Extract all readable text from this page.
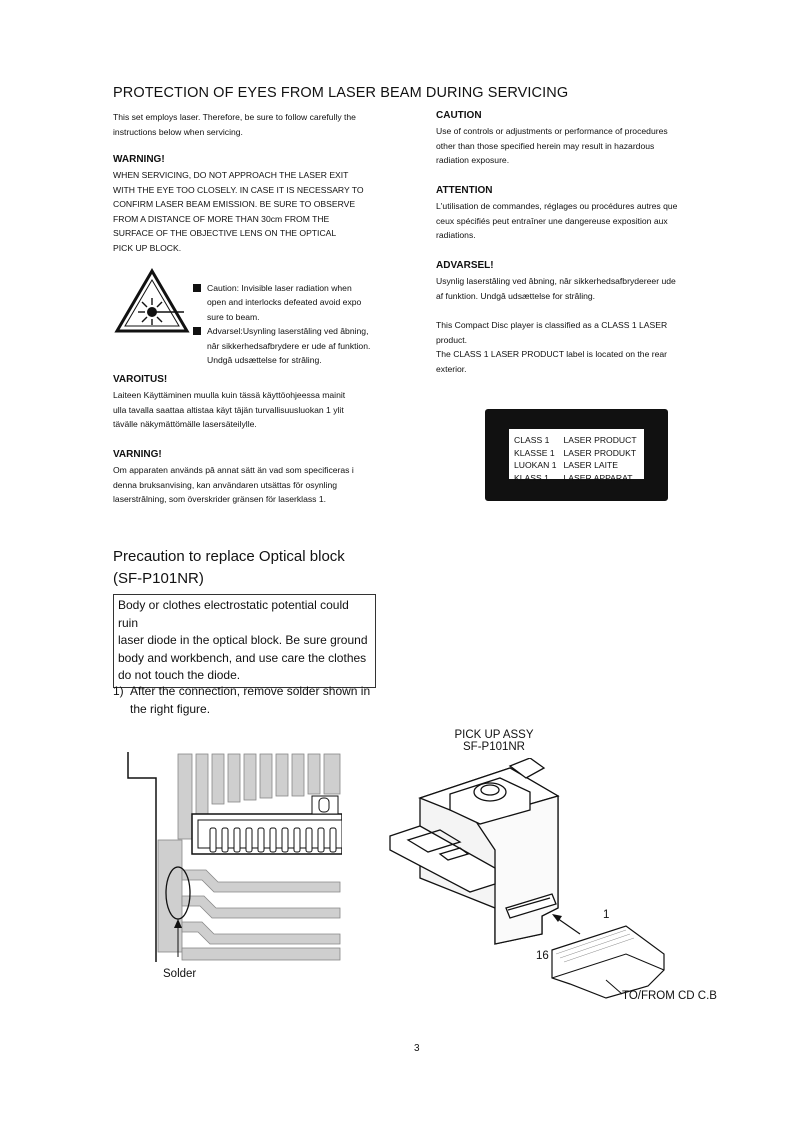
PROTECTION OF EYES FROM LASER BEAM DURING SERVICING
This set employs laser. Therefore, be sure to follow carefully the
instructions below when servicing.
WARNING!
WHEN SERVICING, DO NOT APPROACH THE LASER EXIT
WITH THE EYE TOO CLOSELY. IN CASE IT IS NECESSARY TO
CONFIRM LASER BEAM EMISSION. BE SURE TO OBSERVE
FROM A DISTANCE OF MORE THAN 30cm FROM THE
SURFACE OF THE OBJECTIVE LENS ON THE OPTICAL
PICK UP BLOCK.
Caution: Invisible laser radiation when
open and interlocks defeated avoid expo
sure to beam.
Advarsel:Usynling laserstâling ved âbning,
nâr sikkerhedsafbrydere er ude af funktion.
Undgâ udsættelse for strâling.
VAROITUS!
Laiteen Käyttäminen muulla kuin tässä käyttöohjeessa mainit
ulla tavalla saattaa altistaa käyt täjän turvallisuusluokan 1 ylit
tävälle näkymättömälle lasersäteilylle.
VARNING!
Om apparaten används pâ annat sätt än vad som specificeras i
denna bruksanvising, kan användaren utsättas för osynling
laserstrâlning, som överskrider gränsen för laserklass 1.
CAUTION
Use of controls or adjustments or performance of procedures
other than those specified herein may result in hazardous
radiation exposure.
ATTENTION
L'utilisation de commandes, réglages ou procédures autres que
ceux spécifiés peut entraîner une dangereuse exposition aux
radiations.
ADVARSEL!
Usynlig laserstâling ved âbning, nâr sikkerhedsafbrydereer ude
af funktion. Undgâ udsættelse for strâling.
This Compact Disc player is classified as a CLASS 1 LASER
product.
The CLASS 1 LASER PRODUCT label is located on the rear
exterior.
CLASS 1	LASER PRODUCT
KLASSE 1	LASER PRODUKT
LUOKAN 1	LASER LAITE
KLASS 1	LASER APPARAT
Precaution to replace Optical block
(SF-P101NR)
Body or clothes electrostatic potential could ruin
laser diode in the optical block. Be sure ground
body and workbench, and use care the clothes
do not touch the diode.
1) After the connection, remove solder shown in
the right figure.
Solder
PICK UP ASSY
SF-P101NR
1
16
TO/FROM CD C.B
3
